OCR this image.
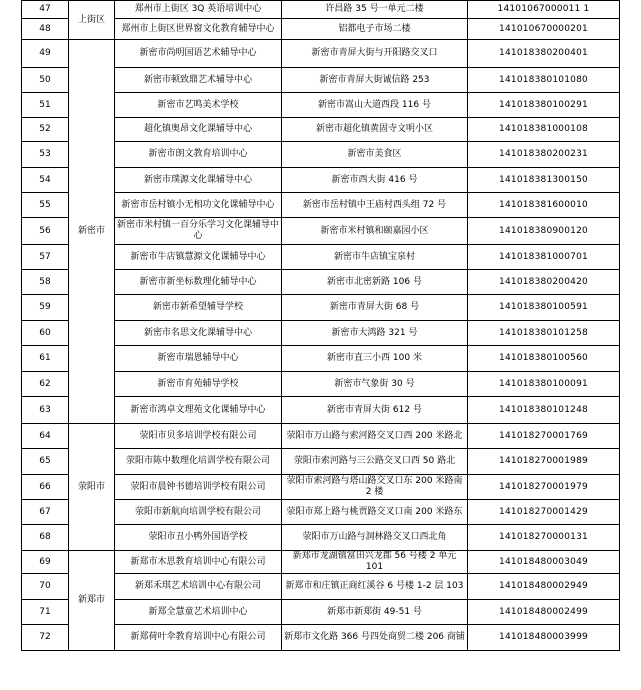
47	上街区	郑州市上街区 3Q 英语培训中心	许昌路 35 号一单元二楼	14101067000011 1
48		郑州市上街区世界窗文化教育辅导中心	铝都电子市场二楼	141010670000201
49	新密市	新密市尚明国语艺术辅导中心	新密市青屏大街与开阳路交叉口	141018380200401
50		新密市顿致鼎艺术辅导中心	新密市青屏大街诚信路 253	141018380101080
51		新密市艺鸣美术学校	新密市嵩山大道西段 116 号	141018380100291
52		超化镇奥昂文化课辅导中心	新密市超化镇黄固寺文明小区	141018381000108
53		新密市朗文教育培训中心	新密市美食区	141018380200231
54		新密市璞源文化课辅导中心	新密市西大街 416 号	141018381300150
55		新密市岳村镇小无相功文化课辅导中心	新密市岳村镇中王庙村西头组 72 号	141018381600010
56		新密市米村镇一百分乐学习文化课辅导中心	新密市米村镇和颐嘉园小区	141018380900120
57		新密市牛店镇慧源文化课辅导中心	新密市牛店镇宝泉村	141018381000701
58		新密市新坐标数理化辅导中心	新密市北密新路 106 号	141018380200420
59		新密市新希望辅导学校	新密市青屏大街 68 号	141018380100591
60		新密市名思文化课辅导中心	新密市大鸿路 321 号	141018380101258
61		新密市瑞恩辅导中心	新密市直三小西 100 米	141018380100560
62		新密市育苑辅导学校	新密市气象街 30 号	141018380100091
63		新密市鸿卓文理苑文化课辅导中心	新密市青屏大街 612 号	141018380101248
64	荥阳市	荥阳市贝多培训学校有限公司	荥阳市万山路与索河路交叉口西 200 米路北	141018270001769
65		荥阳市陈中数理化培训学校有限公司	荥阳市索河路与三公路交叉口西 50 路北	141018270001989
66		荥阳市晨钟书德培训学校有限公司	荥阳市索河路与塔山路交叉口东 200 米路南 2 楼	141018270001979
67		荥阳市新航向培训学校有限公司	荥阳市郑上路与桃贾路交叉口南 200 米路东	141018270001429
68		荥阳市丑小鸭外国语学校	荥阳市万山路与洞林路交叉口西北角	141018270000131
69	新郑市	新郑市木思教育培训中心有限公司	新郑市龙湖镇富田兴龙郡 56 号楼 2 单元 101	141018480003049
70		新郑禾琪艺术培训中心有限公司	新郑市和庄镇正商红溪谷 6 号楼 1-2 层 103	141018480002949
71		新郑全慧童艺术培训中心	新郑市新郑街 49-51 号	141018480002499
72		新郑荷叶伞教育培训中心有限公司	新郑市文化路 366 号四处商贸二楼 206 商铺	141018480003999
